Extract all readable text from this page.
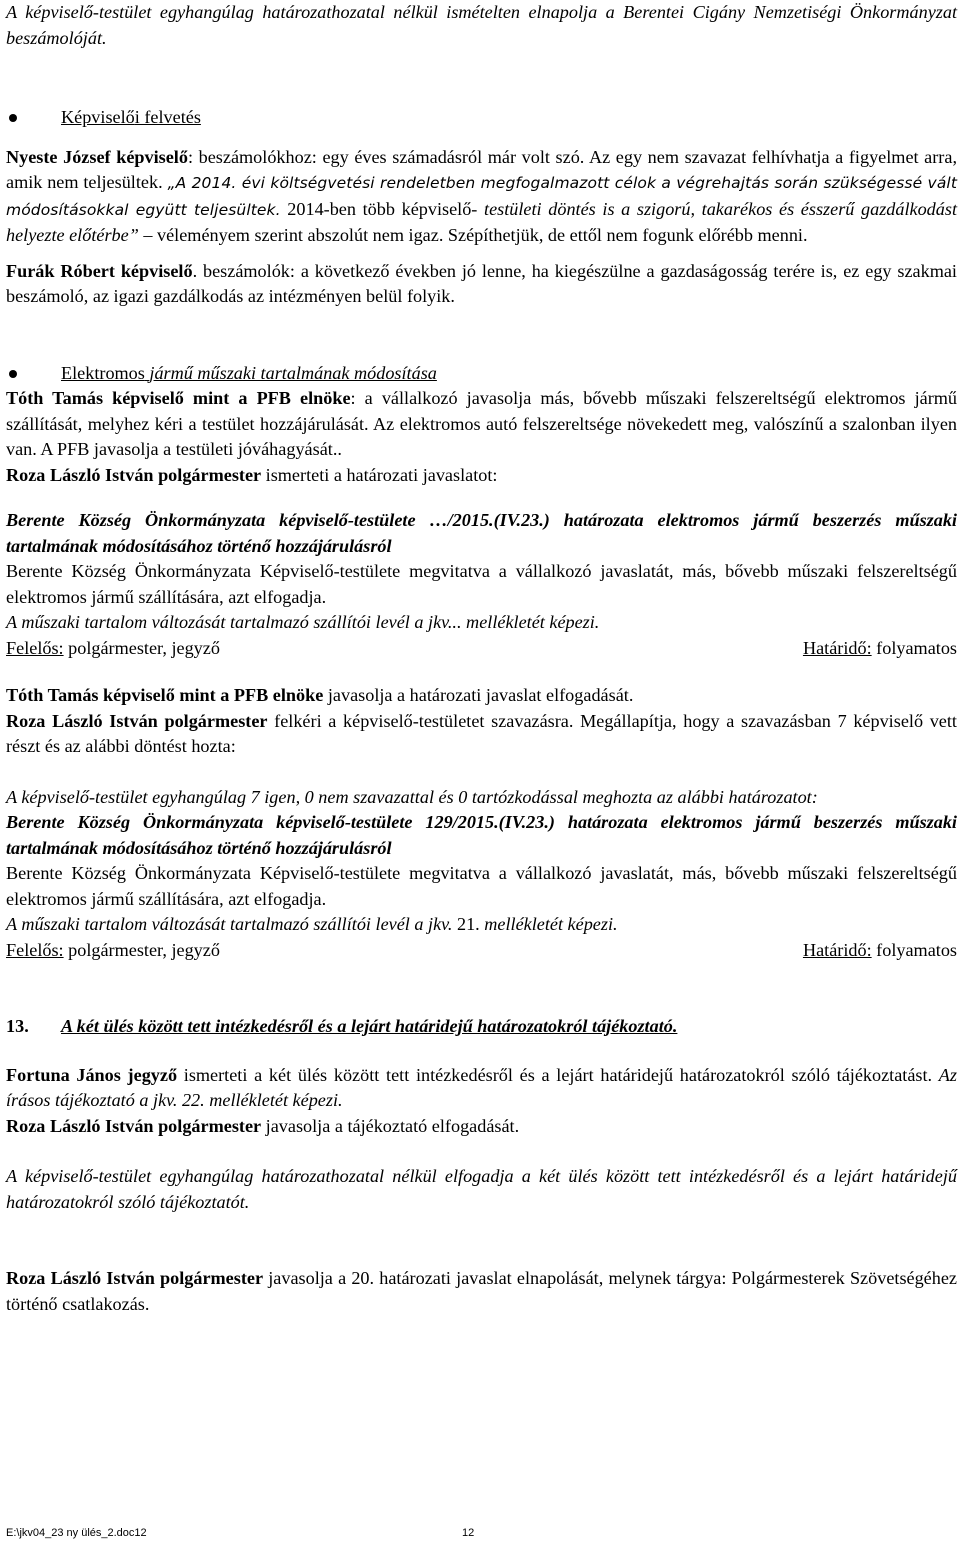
A képviselő-testület egyhangúlag határozathozatal nélkül ismételten elnapolja a Berentei Cigány Nemzetiségi Önkormányzat beszámolóját.

Képviselői felvetés

Nyeste József képviselő: beszámolókhoz: egy éves számadásról már volt szó. Az egy nem szavazat felhívhatja a figyelmet arra, amik nem teljesültek. „A 2014. évi költségvetési rendeletben megfogalmazott célok a végrehajtás során szükségessé vált módosításokkal együtt teljesültek. 2014-ben több képviselő- testületi döntés is a szigorú, takarékos és ésszerű gazdálkodást helyezte előtérbe” – véleményem szerint abszolút nem igaz. Szépíthetjük, de ettől nem fogunk előrébb menni.

Furák Róbert képviselő. beszámolók: a következő években jó lenne, ha kiegészülne a gazdaságosság terére is, ez egy szakmai beszámoló, az igazi gazdálkodás az intézményen belül folyik.

Elektromos jármű műszaki tartalmának módosítása

Tóth Tamás képviselő mint a PFB elnöke: a vállalkozó javasolja más, bővebb műszaki felszereltségű elektromos jármű szállítását, melyhez kéri a testület hozzájárulását. Az elektromos autó felszereltsége növekedett meg, valószínű a szalonban ilyen van. A PFB javasolja a testületi jóváhagyását..

Roza László István polgármester ismerteti a határozati javaslatot:

Berente Község Önkormányzata képviselő-testülete …/2015.(IV.23.) határozata elektromos jármű beszerzés műszaki tartalmának módosításához történő hozzájárulásról

Berente Község Önkormányzata Képviselő-testülete megvitatva a vállalkozó javaslatát, más, bővebb műszaki felszereltségű elektromos jármű szállítására, azt elfogadja.

A műszaki tartalom változását tartalmazó szállítói levél a jkv... mellékletét képezi.

Felelős: polgármester, jegyző	Határidő: folyamatos

Tóth Tamás képviselő mint a PFB elnöke javasolja a határozati javaslat elfogadását.

Roza László István polgármester felkéri a képviselő-testületet szavazásra. Megállapítja, hogy a szavazásban 7 képviselő vett részt és az alábbi döntést hozta:

A képviselő-testület egyhangúlag 7 igen, 0 nem szavazattal és 0 tartózkodással meghozta az alábbi határozatot:

Berente Község Önkormányzata képviselő-testülete 129/2015.(IV.23.) határozata elektromos jármű beszerzés műszaki tartalmának módosításához történő hozzájárulásról

Berente Község Önkormányzata Képviselő-testülete megvitatva a vállalkozó javaslatát, más, bővebb műszaki felszereltségű elektromos jármű szállítására, azt elfogadja.

A műszaki tartalom változását tartalmazó szállítói levél a jkv. 21. mellékletét képezi.

Felelős: polgármester, jegyző	Határidő: folyamatos
13.	A két ülés között tett intézkedésről és a lejárt határidejű határozatokról tájékoztató.

Fortuna János jegyző ismerteti a két ülés között tett intézkedésről és a lejárt határidejű határozatokról szóló tájékoztatást. Az írásos tájékoztató a jkv. 22. mellékletét képezi.

Roza László István polgármester javasolja a tájékoztató elfogadását.

A képviselő-testület egyhangúlag határozathozatal nélkül elfogadja a két ülés között tett intézkedésről és a lejárt határidejű határozatokról szóló tájékoztatót.

Roza László István polgármester javasolja a 20. határozati javaslat elnapolását, melynek tárgya: Polgármesterek Szövetségéhez történő csatlakozás.

E:\jkv04_23 ny ülés_2.doc12	12
